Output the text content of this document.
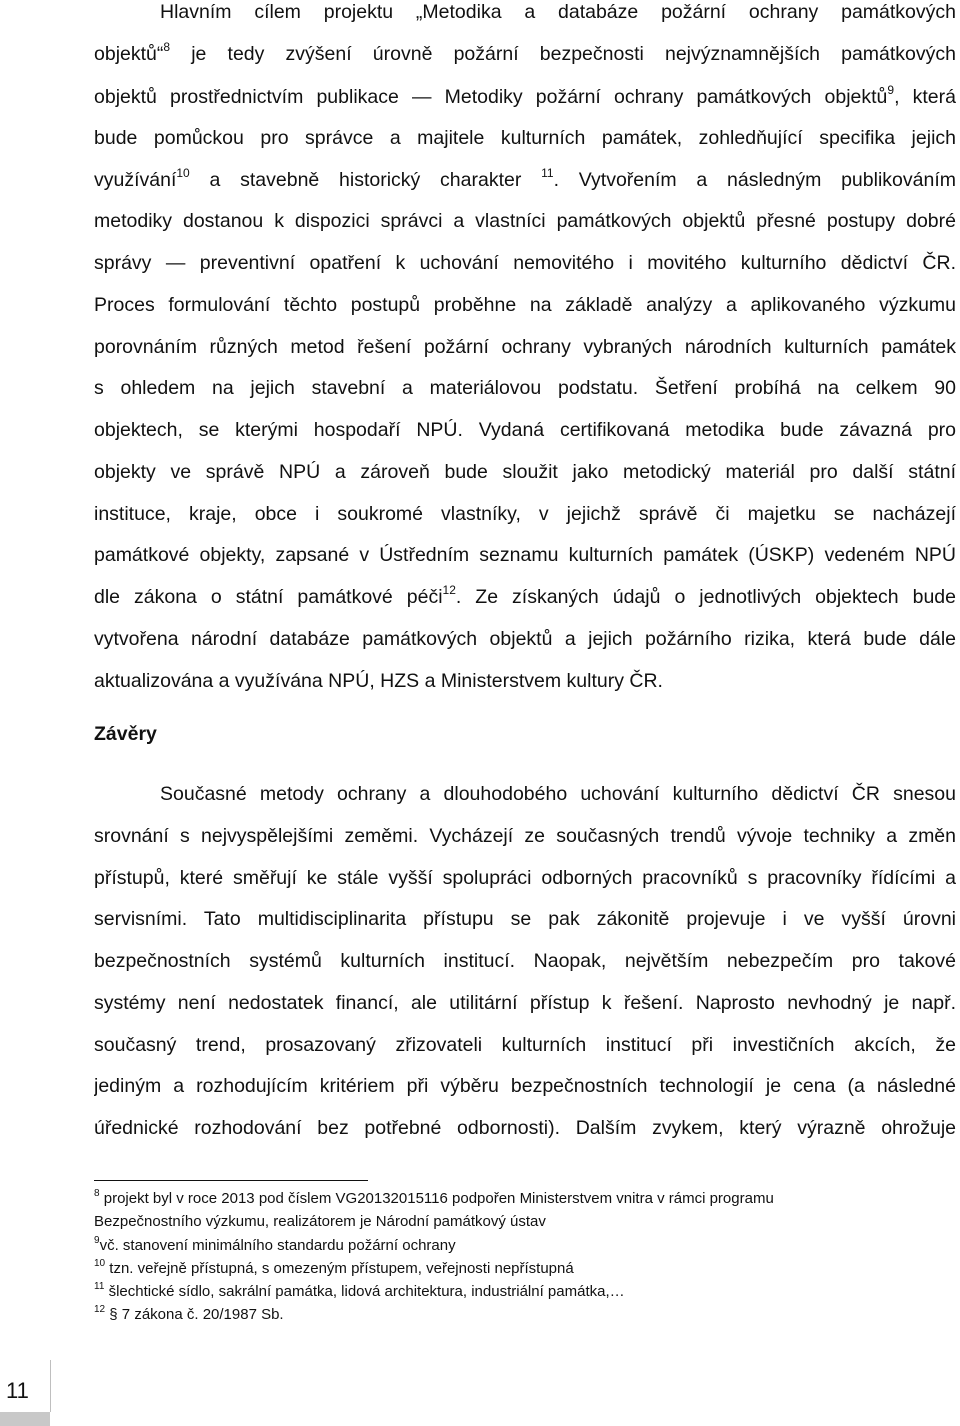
Hlavním cílem projektu „Metodika a databáze požární ochrany památkových
objektů“$^8$ je tedy zvýšení úrovně požární bezpečnosti nejvýznamnějších památkových
objektů prostřednictvím publikace — Metodiky požární ochrany památkových objektů$^9$, která
bude pomůckou pro správce a majitele kulturních památek, zohledňující specifika jejich
využívání$^{10}$ a stavebně historický charakter $^{11}$. Vytvořením a následným publikováním
metodiky dostanou k dispozici správci a vlastníci památkových objektů přesné postupy dobré
správy — preventivní opatření k uchování nemovitého i movitého kulturního dědictví ČR.
Proces formulování těchto postupů proběhne na základě analýzy a aplikovaného výzkumu
porovnáním různých metod řešení požární ochrany vybraných národních kulturních památek
s ohledem na jejich stavební a materiálovou podstatu. Šetření probíhá na celkem 90
objektech, se kterými hospodaří NPÚ. Vydaná certifikovaná metodika bude závazná pro
objekty ve správě NPÚ a zároveň bude sloužit jako metodický materiál pro další státní
instituce, kraje, obce i soukromé vlastníky, v jejichž správě či majetku se nacházejí
památkové objekty, zapsané v Ústředním seznamu kulturních památek (ÚSKP) vedeném NPÚ
dle zákona o státní památkové péči$^{12}$. Ze získaných údajů o jednotlivých objektech bude
vytvořena národní databáze památkových objektů a jejich požárního rizika, která bude dále
aktualizována a využívána NPÚ, HZS a Ministerstvem kultury ČR.
Závěry
Současné metody ochrany a dlouhodobého uchování kulturního dědictví ČR snesou
srovnání s nejvyspělejšími zeměmi. Vycházejí ze současných trendů vývoje techniky a změn
přístupů, které směřují ke stále vyšší spolupráci odborných pracovníků s pracovníky řídícími a
servisními. Tato multidisciplinarita přístupu se pak zákonitě projevuje i ve vyšší úrovni
bezpečnostních systémů kulturních institucí. Naopak, největším nebezpečím pro takové
systémy není nedostatek financí, ale utilitární přístup k řešení. Naprosto nevhodný je např.
současný trend, prosazovaný zřizovateli kulturních institucí při investičních akcích, že
jediným a rozhodujícím kritériem při výběru bezpečnostních technologií je cena (a následné
úřednické rozhodování bez potřebné odbornosti). Dalším zvykem, který výrazně ohrožuje
$^8$ projekt byl v roce 2013 pod číslem VG20132015116 podpořen Ministerstvem vnitra v rámci programu
Bezpečnostního výzkumu, realizátorem je Národní památkový ústav
$^9$vč. stanovení minimálního standardu požární ochrany
$^{10}$ tzn. veřejně přístupná, s omezeným přístupem, veřejnosti nepřístupná
$^{11}$ šlechtické sídlo, sakrální památka, lidová architektura, industriální památka,…
$^{12}$ § 7 zákona č. 20/1987 Sb.
11
